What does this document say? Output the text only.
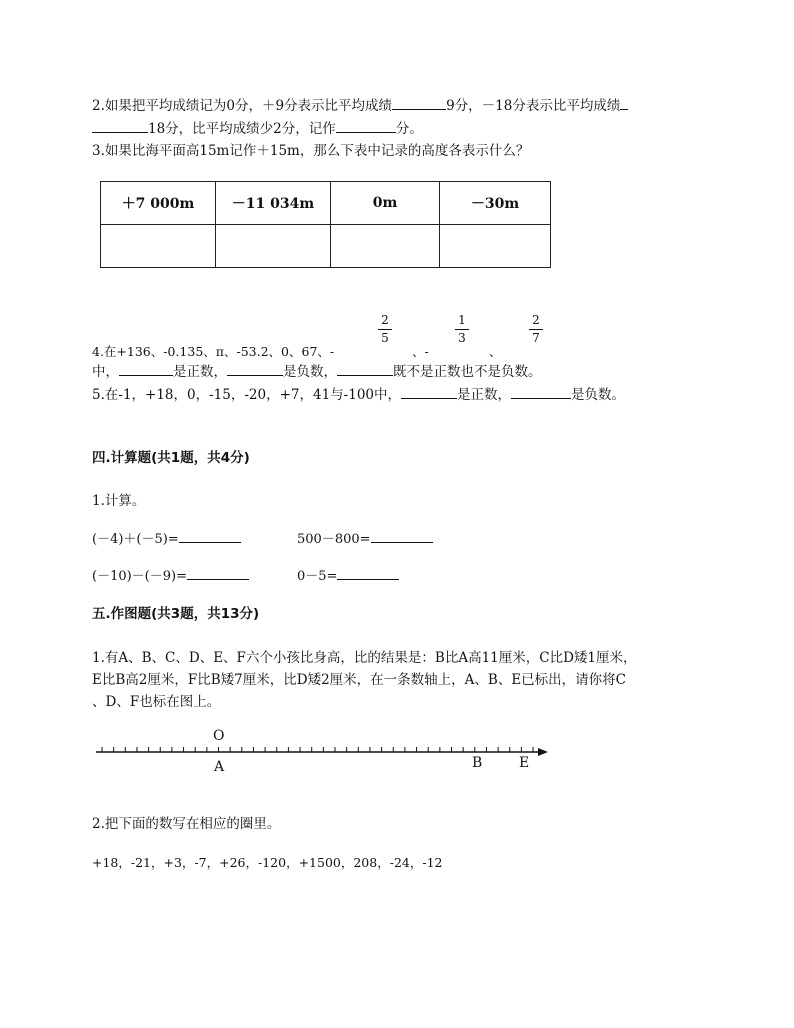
2.如果把平均成绩记为0分，＋9分表示比平均成绩	9分，－18分表示比平均成绩
18分，比平均成绩少2分，记作	分。
3.如果比海平面高15m记作＋15m，那么下表中记录的高度各表示什么？
＋7 000m	－11 034m	0m	－30m

2
5
1
3
2
7
4.在+136、-0.135、π、-53.2、0、67、-	、-	、
中，	是正数，	是负数，	既不是正数也不是负数。
5.在-1，+18，0，-15，-20，+7，41与-100中，	是正数，	是负数。
四.计算题(共1题，共4分)
1.计算。
(－4)＋(－5)=	500－800=
(－10)－(－9)=	0－5=
五.作图题(共3题，共13分)
1.有A、B、C、D、E、F六个小孩比身高，比的结果是：B比A高11厘米，C比D矮1厘米，
E比B高2厘米，F比B矮7厘米，比D矮2厘米，在一条数轴上，A、B、E已标出，请你将C
、D、F也标在图上。
O
A	B	E
2.把下面的数写在相应的圈里。
+18，-21，+3，-7，+26，-120，+1500，208，-24，-12
